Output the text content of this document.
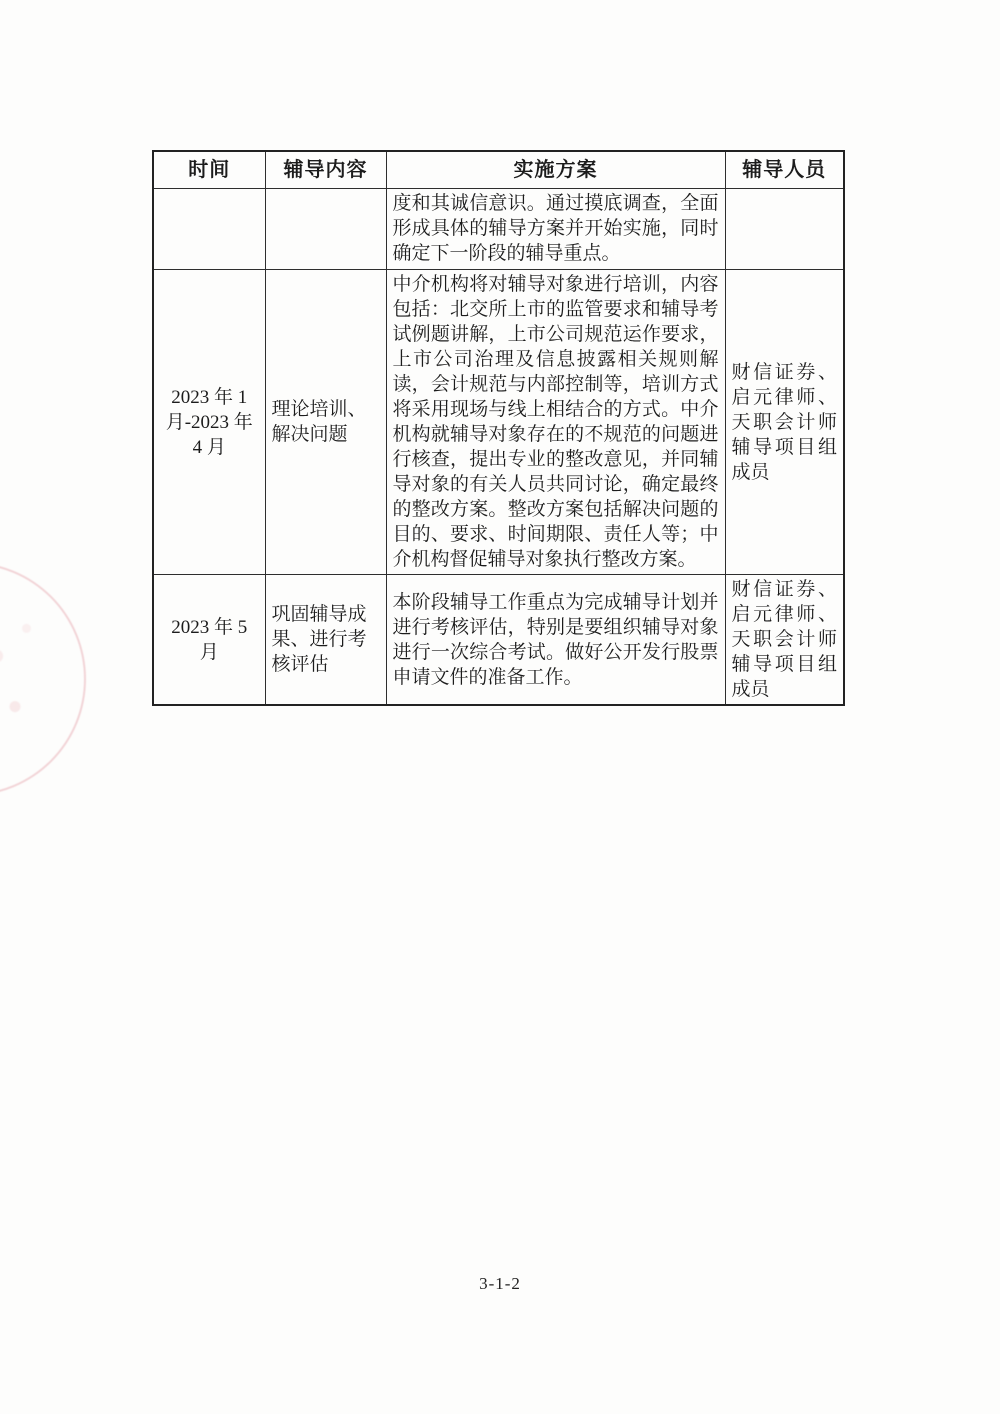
时间	辅导内容	实施方案	辅导人员
		度和其诚信意识。通过摸底调查，全面形成具体的辅导方案并开始实施，同时确定下一阶段的辅导重点。	
2023 年 1 月-2023 年 4 月	理论培训、解决问题	中介机构将对辅导对象进行培训，内容包括：北交所上市的监管要求和辅导考试例题讲解，上市公司规范运作要求，上市公司治理及信息披露相关规则解读，会计规范与内部控制等，培训方式将采用现场与线上相结合的方式。中介机构就辅导对象存在的不规范的问题进行核查，提出专业的整改意见，并同辅导对象的有关人员共同讨论，确定最终的整改方案。整改方案包括解决问题的目的、要求、时间期限、责任人等；中介机构督促辅导对象执行整改方案。	财信证券、启元律师、天职会计师辅导项目组成员
2023 年 5 月	巩固辅导成果、进行考核评估	本阶段辅导工作重点为完成辅导计划并进行考核评估，特别是要组织辅导对象进行一次综合考试。做好公开发行股票申请文件的准备工作。	财信证券、启元律师、天职会计师辅导项目组成员
3-1-2
